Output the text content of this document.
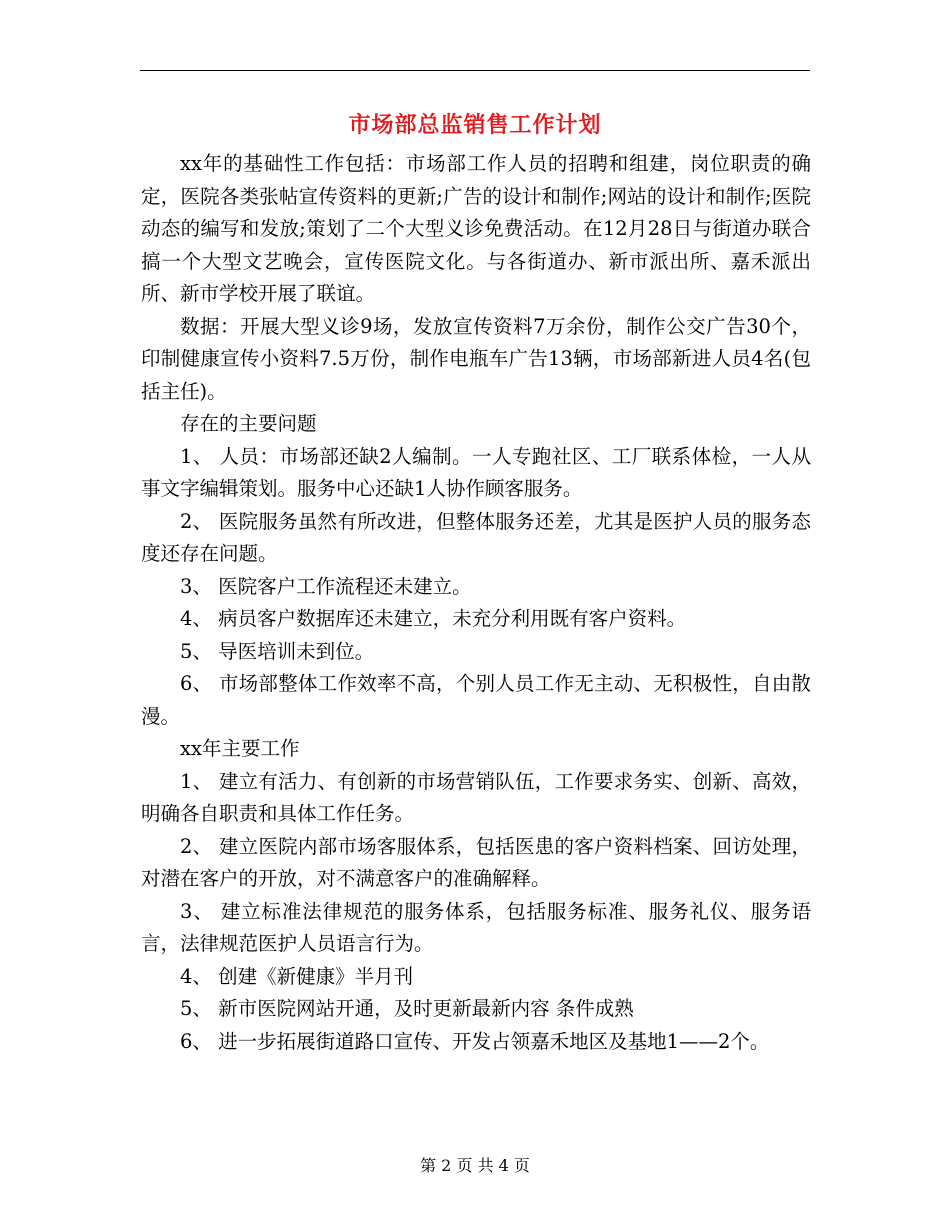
市场部总监销售工作计划

xx年的基础性工作包括：市场部工作人员的招聘和组建，岗位职责的确定，医院各类张帖宣传资料的更新;广告的设计和制作;网站的设计和制作;医院动态的编写和发放;策划了二个大型义诊免费活动。在12月28日与街道办联合搞一个大型文艺晚会，宣传医院文化。与各街道办、新市派出所、嘉禾派出所、新市学校开展了联谊。

数据：开展大型义诊9场，发放宣传资料7万余份，制作公交广告30个，印制健康宣传小资料7.5万份，制作电瓶车广告13辆，市场部新进人员4名(包括主任)。

存在的主要问题

1、 人员：市场部还缺2人编制。一人专跑社区、工厂联系体检，一人从事文字编辑策划。服务中心还缺1人协作顾客服务。

2、 医院服务虽然有所改进，但整体服务还差，尤其是医护人员的服务态度还存在问题。

3、 医院客户工作流程还未建立。

4、 病员客户数据库还未建立，未充分利用既有客户资料。

5、 导医培训未到位。

6、 市场部整体工作效率不高，个别人员工作无主动、无积极性，自由散漫。

xx年主要工作

1、 建立有活力、有创新的市场营销队伍，工作要求务实、创新、高效，明确各自职责和具体工作任务。

2、 建立医院内部市场客服体系，包括医患的客户资料档案、回访处理，对潜在客户的开放，对不满意客户的准确解释。

3、 建立标准法律规范的服务体系，包括服务标准、服务礼仪、服务语言，法律规范医护人员语言行为。

4、 创建《新健康》半月刊

5、 新市医院网站开通，及时更新最新内容 条件成熟

6、 进一步拓展街道路口宣传、开发占领嘉禾地区及基地1——2个。

第 2 页 共 4 页
